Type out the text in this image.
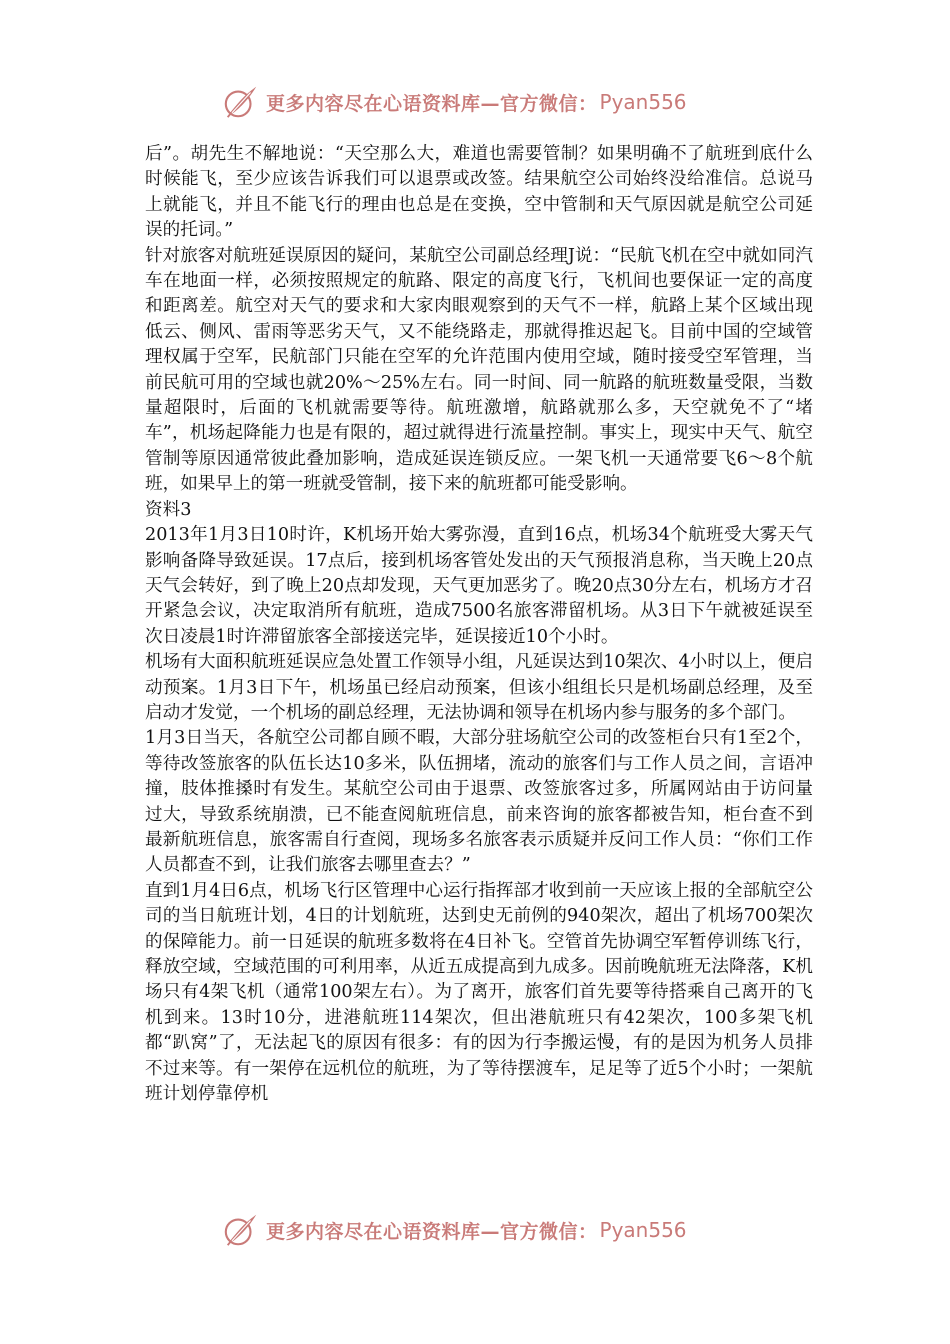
更多内容尽在心语资料库—官方微信： Pyan556

后”。胡先生不解地说：“天空那么大，难道也需要管制？如果明确不了航班到底什么时候能飞，至少应该告诉我们可以退票或改签。结果航空公司始终没给准信。总说马上就能飞，并且不能飞行的理由也总是在变换，空中管制和天气原因就是航空公司延误的托词。”

针对旅客对航班延误原因的疑问，某航空公司副总经理J说：“民航飞机在空中就如同汽车在地面一样，必须按照规定的航路、限定的高度飞行，飞机间也要保证一定的高度和距离差。航空对天气的要求和大家肉眼观察到的天气不一样，航路上某个区域出现低云、侧风、雷雨等恶劣天气，又不能绕路走，那就得推迟起飞。目前中国的空域管理权属于空军，民航部门只能在空军的允许范围内使用空域，随时接受空军管理，当前民航可用的空域也就20%～25%左右。同一时间、同一航路的航班数量受限，当数量超限时，后面的飞机就需要等待。航班激增，航路就那么多，天空就免不了“堵车”，机场起降能力也是有限的，超过就得进行流量控制。事实上，现实中天气、航空管制等原因通常彼此叠加影响，造成延误连锁反应。一架飞机一天通常要飞6～8个航班，如果早上的第一班就受管制，接下来的航班都可能受影响。

资料3

2013年1月3日10时许，K机场开始大雾弥漫，直到16点，机场34个航班受大雾天气影响备降导致延误。17点后，接到机场客管处发出的天气预报消息称，当天晚上20点天气会转好，到了晚上20点却发现，天气更加恶劣了。晚20点30分左右，机场方才召开紧急会议，决定取消所有航班，造成7500名旅客滞留机场。从3日下午就被延误至次日凌晨1时许滞留旅客全部接送完毕，延误接近10个小时。

机场有大面积航班延误应急处置工作领导小组，凡延误达到10架次、4小时以上，便启动预案。1月3日下午，机场虽已经启动预案，但该小组组长只是机场副总经理，及至启动才发觉，一个机场的副总经理，无法协调和领导在机场内参与服务的多个部门。

1月3日当天，各航空公司都自顾不暇，大部分驻场航空公司的改签柜台只有1至2个，等待改签旅客的队伍长达10多米，队伍拥堵，流动的旅客们与工作人员之间，言语冲撞，肢体推搡时有发生。某航空公司由于退票、改签旅客过多，所属网站由于访问量过大，导致系统崩溃，已不能查阅航班信息，前来咨询的旅客都被告知，柜台查不到最新航班信息，旅客需自行查阅，现场多名旅客表示质疑并反问工作人员：“你们工作人员都查不到，让我们旅客去哪里查去？”

直到1月4日6点，机场飞行区管理中心运行指挥部才收到前一天应该上报的全部航空公司的当日航班计划，4日的计划航班，达到史无前例的940架次，超出了机场700架次的保障能力。前一日延误的航班多数将在4日补飞。空管首先协调空军暂停训练飞行，释放空域，空域范围的可利用率，从近五成提高到九成多。因前晚航班无法降落，K机场只有4架飞机（通常100架左右）。为了离开，旅客们首先要等待搭乘自己离开的飞机到来。13时10分，进港航班114架次，但出港航班只有42架次，100多架飞机都“趴窝”了，无法起飞的原因有很多：有的因为行李搬运慢，有的是因为机务人员排不过来等。有一架停在远机位的航班，为了等待摆渡车，足足等了近5个小时；一架航班计划停靠停机

更多内容尽在心语资料库—官方微信： Pyan556
